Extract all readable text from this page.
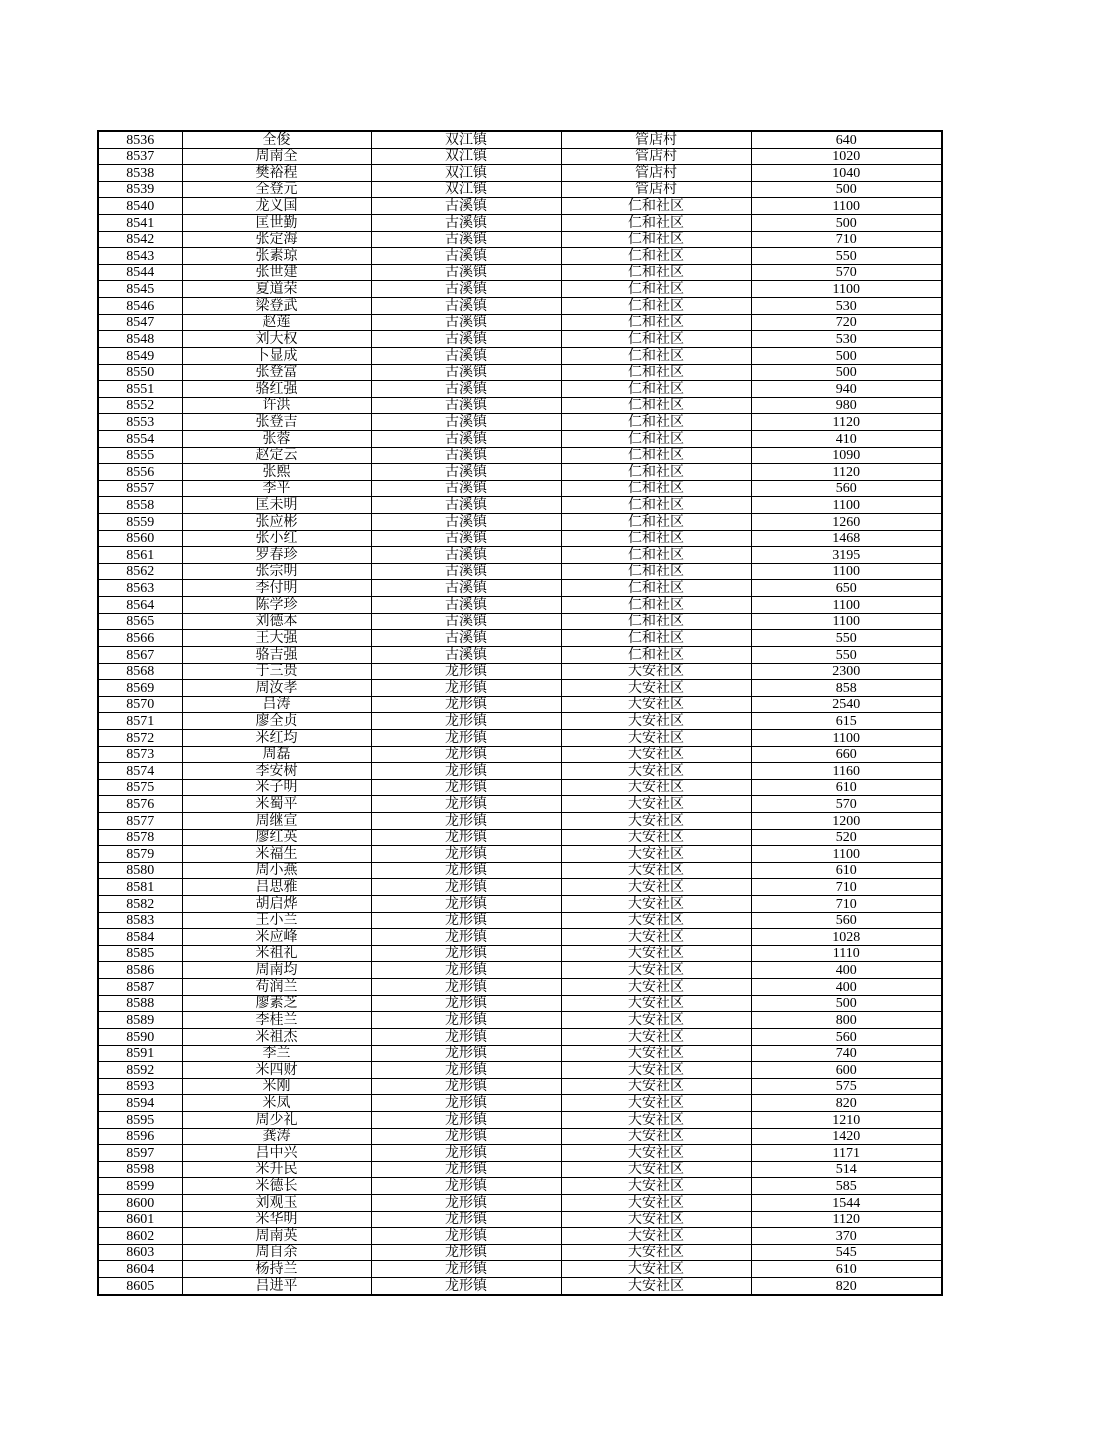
8536	全俊	双江镇	管店村	640
8537	周南全	双江镇	管店村	1020
8538	樊裕程	双江镇	管店村	1040
8539	全登元	双江镇	管店村	500
8540	龙义国	古溪镇	仁和社区	1100
8541	匡世勤	古溪镇	仁和社区	500
8542	张定海	古溪镇	仁和社区	710
8543	张素琼	古溪镇	仁和社区	550
8544	张世建	古溪镇	仁和社区	570
8545	夏道荣	古溪镇	仁和社区	1100
8546	梁登武	古溪镇	仁和社区	530
8547	赵莲	古溪镇	仁和社区	720
8548	刘大权	古溪镇	仁和社区	530
8549	卜显成	古溪镇	仁和社区	500
8550	张登富	古溪镇	仁和社区	500
8551	骆红强	古溪镇	仁和社区	940
8552	许洪	古溪镇	仁和社区	980
8553	张登吉	古溪镇	仁和社区	1120
8554	张蓉	古溪镇	仁和社区	410
8555	赵定云	古溪镇	仁和社区	1090
8556	张熙	古溪镇	仁和社区	1120
8557	李平	古溪镇	仁和社区	560
8558	匡未明	古溪镇	仁和社区	1100
8559	张应彬	古溪镇	仁和社区	1260
8560	张小红	古溪镇	仁和社区	1468
8561	罗春珍	古溪镇	仁和社区	3195
8562	张宗明	古溪镇	仁和社区	1100
8563	李付明	古溪镇	仁和社区	650
8564	陈学珍	古溪镇	仁和社区	1100
8565	刘德本	古溪镇	仁和社区	1100
8566	王大强	古溪镇	仁和社区	550
8567	骆吉强	古溪镇	仁和社区	550
8568	于三贵	龙形镇	大安社区	2300
8569	周汝孝	龙形镇	大安社区	858
8570	吕涛	龙形镇	大安社区	2540
8571	廖全贞	龙形镇	大安社区	615
8572	米红均	龙形镇	大安社区	1100
8573	周磊	龙形镇	大安社区	660
8574	李安树	龙形镇	大安社区	1160
8575	米子明	龙形镇	大安社区	610
8576	米蜀平	龙形镇	大安社区	570
8577	周继宣	龙形镇	大安社区	1200
8578	廖红英	龙形镇	大安社区	520
8579	米福生	龙形镇	大安社区	1100
8580	周小燕	龙形镇	大安社区	610
8581	吕思雅	龙形镇	大安社区	710
8582	胡启烨	龙形镇	大安社区	710
8583	王小兰	龙形镇	大安社区	560
8584	米应峰	龙形镇	大安社区	1028
8585	米祖礼	龙形镇	大安社区	1110
8586	周南均	龙形镇	大安社区	400
8587	苟润兰	龙形镇	大安社区	400
8588	廖素芝	龙形镇	大安社区	500
8589	李桂兰	龙形镇	大安社区	800
8590	米祖杰	龙形镇	大安社区	560
8591	李兰	龙形镇	大安社区	740
8592	米四财	龙形镇	大安社区	600
8593	米刚	龙形镇	大安社区	575
8594	米凤	龙形镇	大安社区	820
8595	周少礼	龙形镇	大安社区	1210
8596	龚涛	龙形镇	大安社区	1420
8597	吕中兴	龙形镇	大安社区	1171
8598	米升民	龙形镇	大安社区	514
8599	米德长	龙形镇	大安社区	585
8600	刘观玉	龙形镇	大安社区	1544
8601	米华明	龙形镇	大安社区	1120
8602	周南英	龙形镇	大安社区	370
8603	周自余	龙形镇	大安社区	545
8604	杨持兰	龙形镇	大安社区	610
8605	吕进平	龙形镇	大安社区	820
